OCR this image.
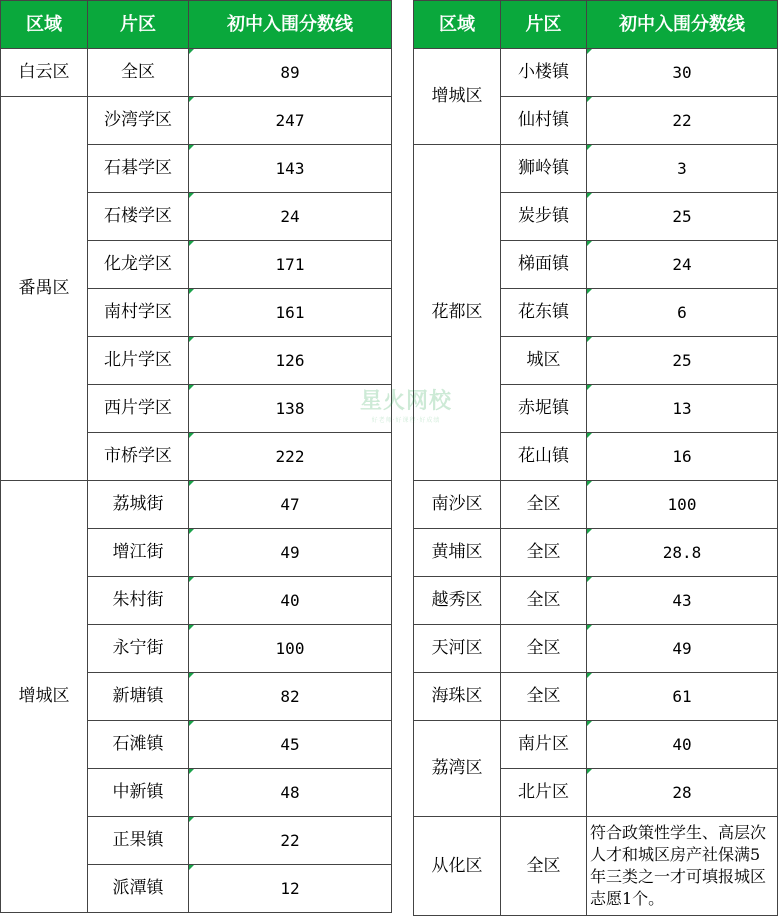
区域	片区	初中入围分数线
白云区	全区	89
番禺区	沙湾学区	247
	石碁学区	143
	石楼学区	24
	化龙学区	171
	南村学区	161
	北片学区	126
	西片学区	138
	市桥学区	222
增城区	荔城街	47
	增江街	49
	朱村街	40
	永宁街	100
	新塘镇	82
	石滩镇	45
	中新镇	48
	正果镇	22
	派潭镇	12
区域	片区	初中入围分数线
增城区	小楼镇	30
	仙村镇	22
花都区	狮岭镇	3
	炭步镇	25
	梯面镇	24
	花东镇	6
	城区	25
	赤坭镇	13
	花山镇	16
南沙区	全区	100
黄埔区	全区	28.8
越秀区	全区	43
天河区	全区	49
海珠区	全区	61
荔湾区	南片区	40
	北片区	28
从化区	全区	符合政策性学生、高层次人才和城区房产社保满5年三类之一才可填报城区志愿1个。
星火网校
好老师·好课程·好成绩
